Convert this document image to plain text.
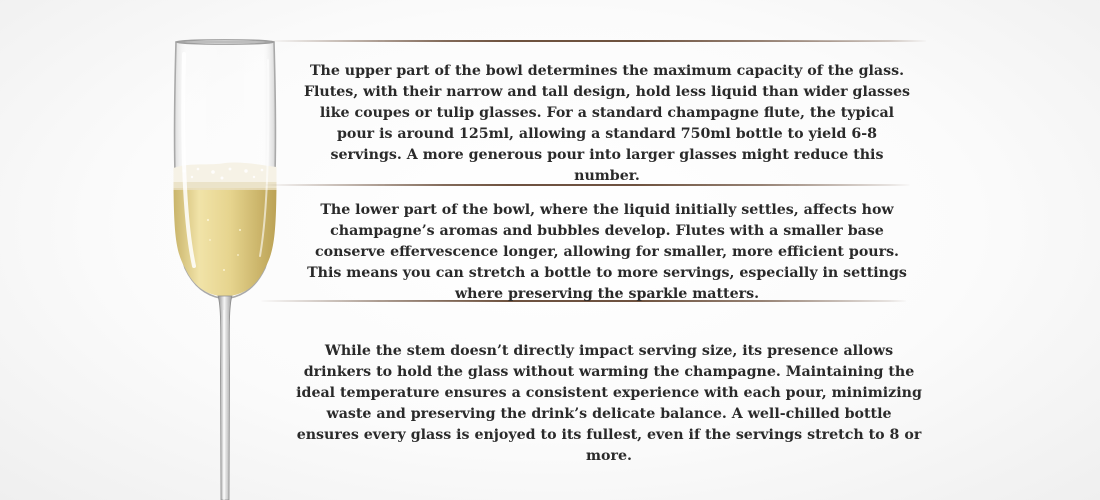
The upper part of the bowl determines the maximum capacity of the glass. Flutes, with their narrow and tall design, hold less liquid than wider glasses like coupes or tulip glasses. For a standard champagne flute, the typical pour is around 125ml, allowing a standard 750ml bottle to yield 6-8 servings. A more generous pour into larger glasses might reduce this number.

The lower part of the bowl, where the liquid initially settles, affects how champagne’s aromas and bubbles develop. Flutes with a smaller base conserve effervescence longer, allowing for smaller, more efficient pours. This means you can stretch a bottle to more servings, especially in settings where preserving the sparkle matters.

While the stem doesn’t directly impact serving size, its presence allows drinkers to hold the glass without warming the champagne. Maintaining the ideal temperature ensures a consistent experience with each pour, minimizing waste and preserving the drink’s delicate balance. A well-chilled bottle ensures every glass is enjoyed to its fullest, even if the servings stretch to 8 or more.
